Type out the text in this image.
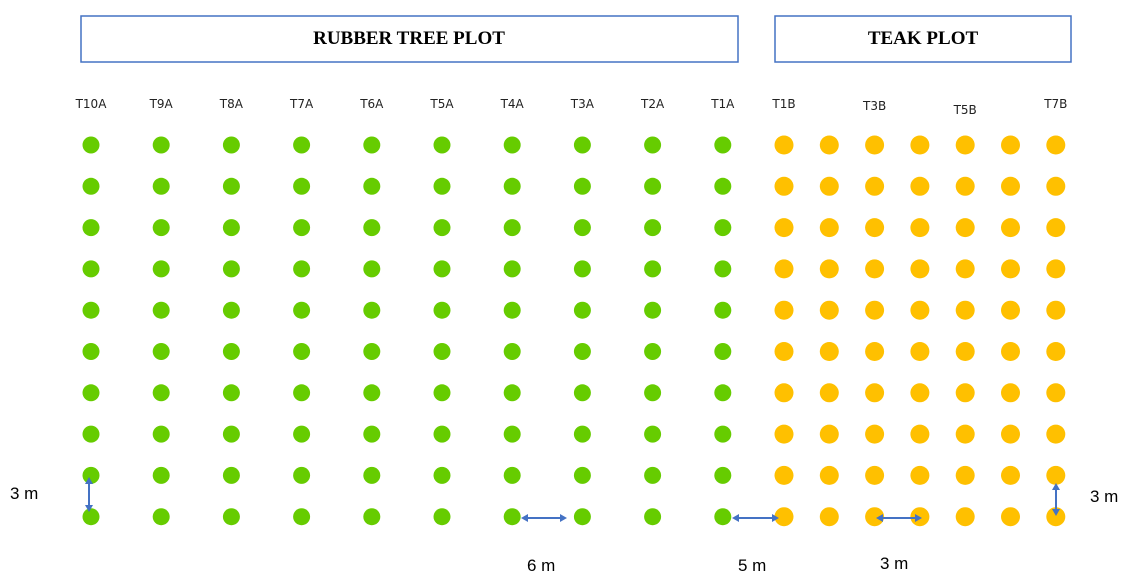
RUBBER TREE PLOT	TEAK PLOT
T10A	T9A	T8A	T7A	T6A	T5A	T4A	T3A	T2A	T1A	T1B	T3B	T5B	T7B
3 m
6 m	5 m	3 m
3 m
